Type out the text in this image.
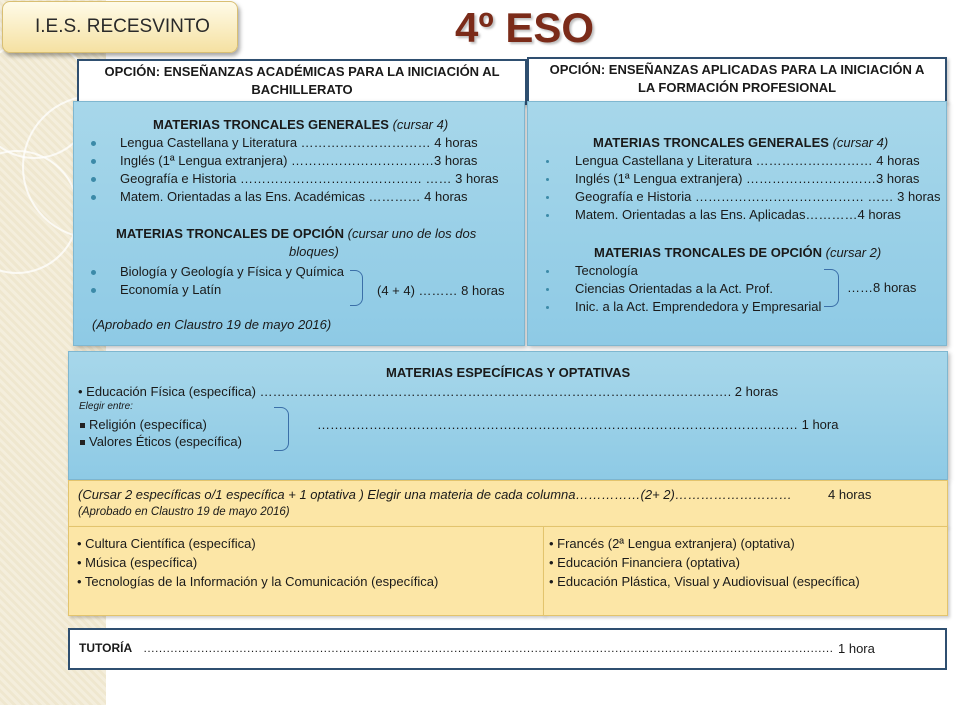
I.E.S. RECESVINTO	4º ESO
OPCIÓN: ENSEÑANZAS ACADÉMICAS PARA LA INICIACIÓN AL
BACHILLERATO
OPCIÓN: ENSEÑANZAS APLICADAS PARA LA INICIACIÓN A
LA FORMACIÓN PROFESIONAL
MATERIAS TRONCALES GENERALES (cursar 4)
Lengua Castellana y Literatura ………………………… 4 horas
Inglés (1ª Lengua extranjera) ……………………………3 horas
Geografía e Historia …………………………………… …… 3 horas
Matem. Orientadas a las Ens. Académicas ………… 4 horas
MATERIAS TRONCALES DE OPCIÓN (cursar uno de los dos
bloques)
Biología y Geología y Física y Química
Economía y Latín	(4 + 4) ……… 8 horas
(Aprobado en Claustro 19 de mayo 2016)
MATERIAS TRONCALES GENERALES (cursar 4)
Lengua Castellana y Literatura ……………………… 4 horas
Inglés (1ª Lengua extranjera) …………………………3 horas
Geografía e Historia ………………………………… …… 3 horas
Matem. Orientadas a las Ens. Aplicadas…………4 horas
MATERIAS TRONCALES DE OPCIÓN (cursar 2)
Tecnología
Ciencias Orientadas a la Act. Prof.
Inic. a la Act. Emprendedora y Empresarial
……8 horas
MATERIAS ESPECÍFICAS Y OPTATIVAS
• Educación Física (específica) ………………………………………………………………………………………………. 2 horas
Elegir entre:
Religión (específica)
Valores Éticos (específica)
………………………………………………………………………………………………… 1 hora
(Cursar 2 específicas o/1 específica + 1 optativa ) Elegir una materia de cada columna……………(2+ 2)………………………	4 horas
(Aprobado en Claustro 19 de mayo 2016)
• Cultura Científica (específica)
• Música (específica)
• Tecnologías de la Información y la Comunicación (específica)
• Francés (2ª Lengua extranjera) (optativa)
• Educación Financiera (optativa)
• Educación Plástica, Visual y Audiovisual (específica)
TUTORÍA ……………………………………………………………………………………………………………………………………………………………… 1 hora
